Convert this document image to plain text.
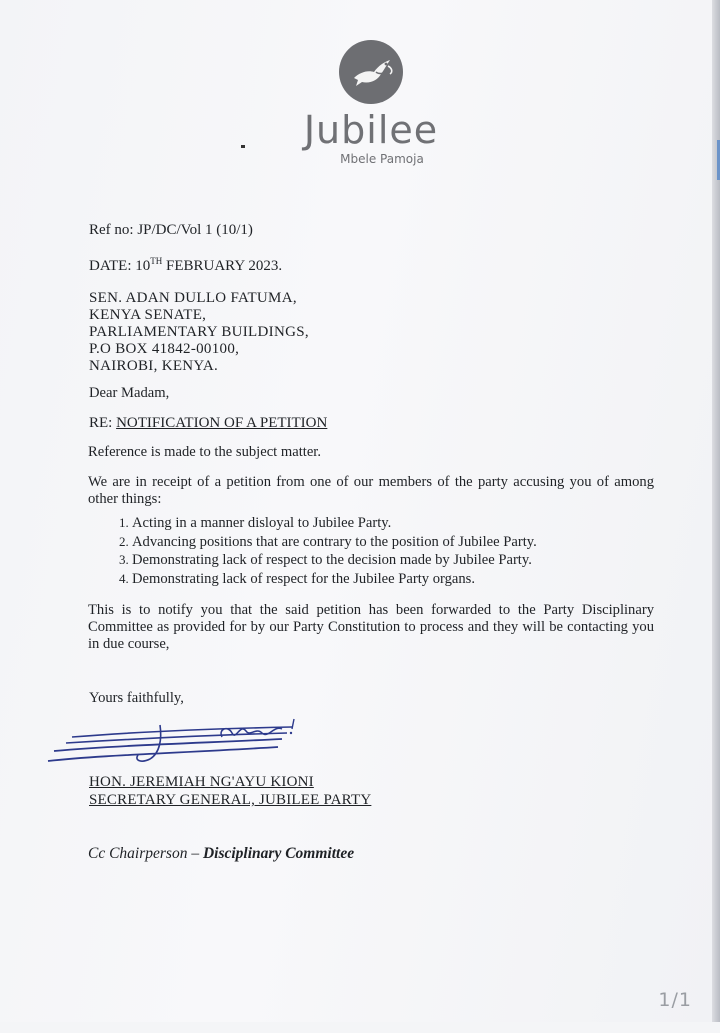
Jubilee
Mbele Pamoja
Ref no: JP/DC/Vol 1 (10/1)
DATE: 10TH FEBRUARY 2023.
SEN. ADAN DULLO FATUMA,
KENYA SENATE,
PARLIAMENTARY BUILDINGS,
P.O BOX 41842-00100,
NAIROBI, KENYA.
Dear Madam,
RE: NOTIFICATION OF A PETITION
Reference is made to the subject matter.
We are in receipt of a petition from one of our members of the party accusing you of among other things:
1. Acting in a manner disloyal to Jubilee Party.
2. Advancing positions that are contrary to the position of Jubilee Party.
3. Demonstrating lack of respect to the decision made by Jubilee Party.
4. Demonstrating lack of respect for the Jubilee Party organs.
This is to notify you that the said petition has been forwarded to the Party Disciplinary Committee as provided for by our Party Constitution to process and they will be contacting you in due course,
Yours faithfully,
HON. JEREMIAH NG'AYU KIONI
SECRETARY GENERAL, JUBILEE PARTY
Cc Chairperson – Disciplinary Committee
1/1
